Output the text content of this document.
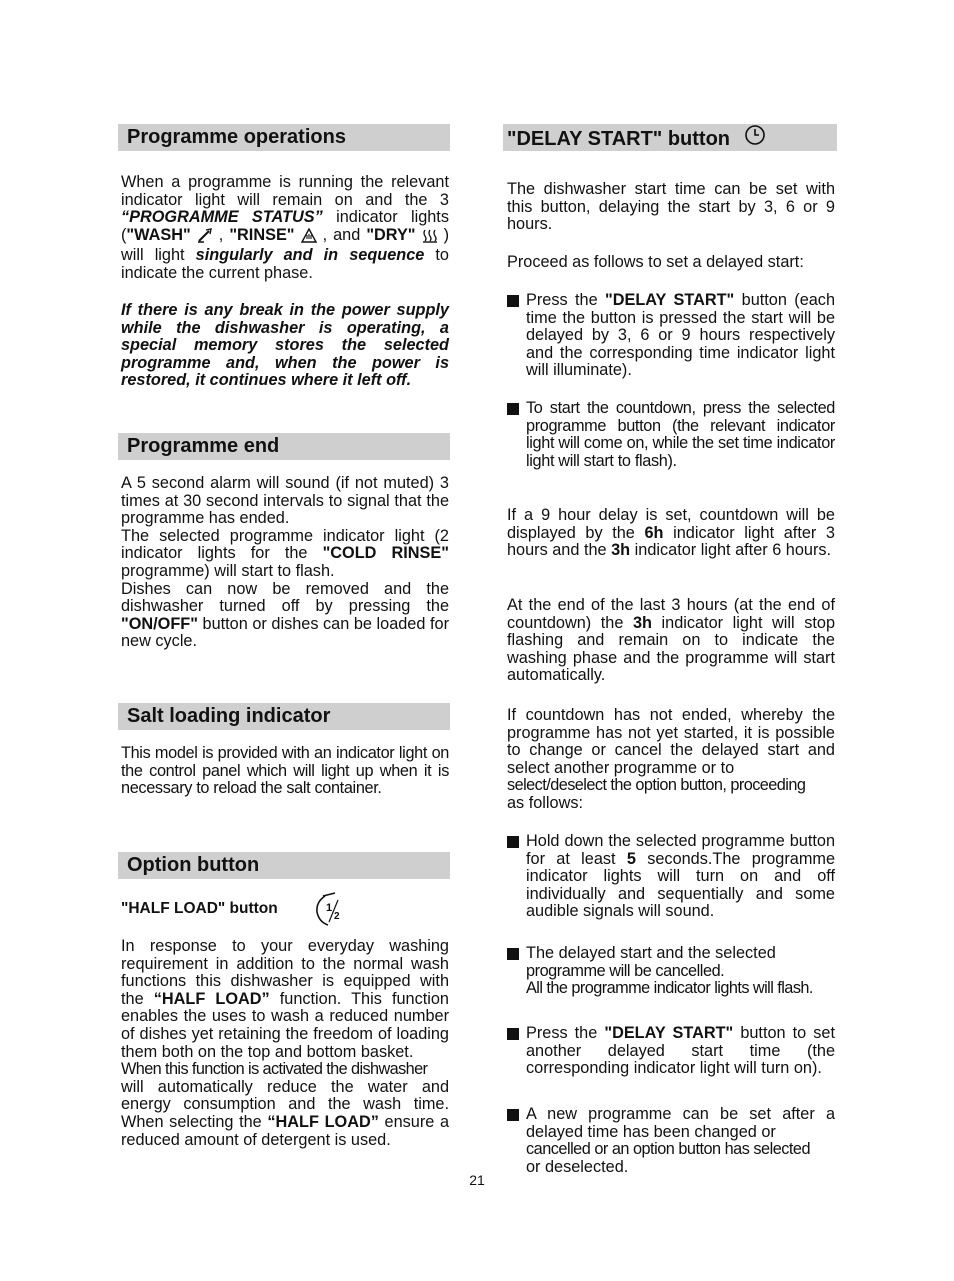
Programme operations
When a programme is running the relevant indicator light will remain on and the 3 “PROGRAMME STATUS” indicator lights ("WASH"  , "RINSE"  , and "DRY"  ) will light singularly and in sequence to indicate the current phase.
If there is any break in the power supply while the dishwasher is operating, a special memory stores the selected programme and, when the power is restored, it continues where it left off.
Programme end

A 5 second alarm will sound (if not muted) 3 times at 30 second intervals to signal that the programme has ended.

The selected programme indicator light (2 indicator lights for the "COLD RINSE" programme) will start to flash.

Dishes can now be removed and the dishwasher turned off by pressing the "ON/OFF" button or dishes can be loaded for new cycle.

Salt loading indicator
This model is provided with an indicator light on the control panel which will light up when it is necessary to reload the salt container.
Option button
"HALF LOAD" button	1
2

In response to your everyday washing requirement in addition to the normal wash functions this dishwasher is equipped with the “HALF LOAD” function. This function enables the uses to wash a reduced number of dishes yet retaining the freedom of loading them both on the top and bottom basket.

When this function is activated the dishwasher

will automatically reduce the water and energy consumption and the wash time. When selecting the “HALF LOAD” ensure a reduced amount of detergent is used.

"DELAY START" button
The dishwasher start time can be set with this button, delaying the start by 3, 6 or 9 hours.
Proceed as follows to set a delayed start:
Press the "DELAY START" button (each time the button is pressed the start will be delayed by 3, 6 or 9 hours respectively and the corresponding time indicator light will illuminate).
To start the countdown, press the selected programme button (the relevant indicator light will come on, while the set time indicator light will start to flash).
If a 9 hour delay is set, countdown will be displayed by the 6h indicator light after 3 hours and the 3h indicator light after 6 hours.
At the end of the last 3 hours (at the end of countdown) the 3h indicator light will stop flashing and remain on to indicate the washing phase and the programme will start automatically.

If countdown has not ended, whereby the programme has not yet started, it is possible to change or cancel the delayed start and select another programme or to

select/deselect the option button, proceeding

as follows:

Hold down the selected programme button for at least 5 seconds.The programme indicator lights will turn on and off individually and sequentially and some audible signals will sound.

The delayed start and the selected

programme will be cancelled.

All the programme indicator lights will flash.

Press the "DELAY START" button to set another delayed start time (the corresponding indicator light will turn on).

A new programme can be set after a delayed time has been changed or

cancelled or an option button has selected

or deselected.

21
